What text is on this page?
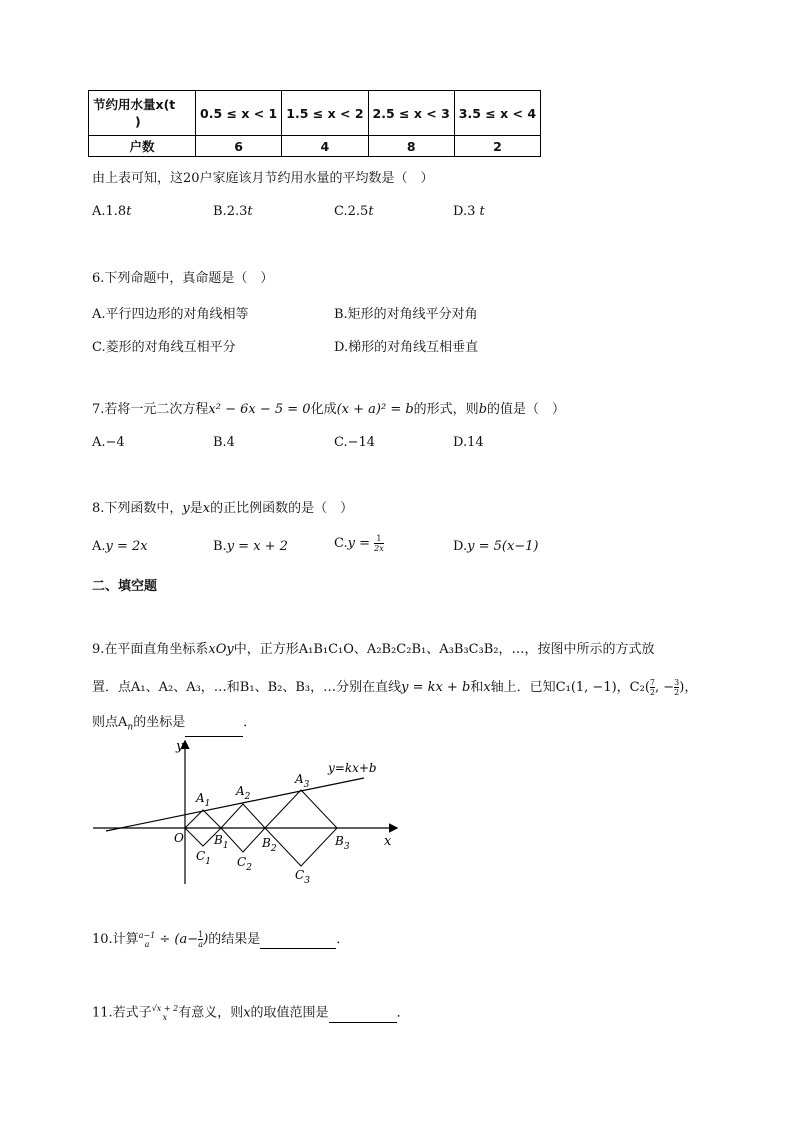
节约用水量x(t
)	0.5 ≤ x < 1	1.5 ≤ x < 2	2.5 ≤ x < 3	3.5 ≤ x < 4
户数	6	4	8	2
由上表可知，这20户家庭该月节约用水量的平均数是（　）
A.1.8t	B.2.3t	C.2.5t	D.3 t
6.下列命题中，真命题是（　）
A.平行四边形的对角线相等	B.矩形的对角线平分对角
C.菱形的对角线互相平分	D.梯形的对角线互相垂直
7.若将一元二次方程x² − 6x − 5 = 0化成(x + a)² = b的形式，则b的值是（　）
A.−4	B.4	C.−14	D.14
8.下列函数中，y是x的正比例函数的是（　）
A.y = 2x	B.y = x + 2	$C.y = \frac{1}{2x}$	D.y = 5(x−1)
二、填空题
9.在平面直角坐标系xOy中，正方形A₁B₁C₁O、A₂B₂C₂B₁、A₃B₃C₃B₂，…，按图中所示的方式放
置．点A₁、A₂、A₃，…和B₁、B₂、B₃，…分别在直线y = kx + b和x轴上．已知C₁(1, −1)，$C_2( \frac{7}{2}$ , − $\frac{3}{2}$ )，
则点$A_n$的坐标是	．
y=kx+b
x
y
O
$A_1$
$A_2$
$A_3$
$B_1$	$B_2$
$B_3$
$C_1$ $C_2$	$C_3$
10.计算 a−1
$a \div (a- \frac{1}{a}$ )的结果是	．
11.若式子 √x + 2
x 有意义，则x的取值范围是	．
